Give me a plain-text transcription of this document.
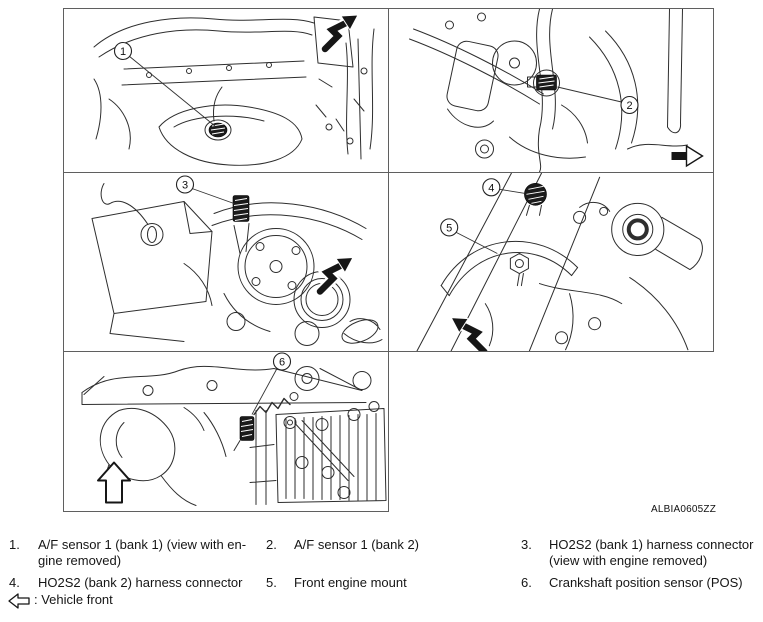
1
2
3	4
5
6
ALBIA0605ZZ
1. A/F sensor 1 (bank 1) (view with en-
gine removed)
2. A/F sensor 1 (bank 2)	3. HO2S2 (bank 1) harness connector
(view with engine removed)
4. HO2S2 (bank 2) harness connector	5. Front engine mount	6. Crankshaft position sensor (POS)
: Vehicle front
